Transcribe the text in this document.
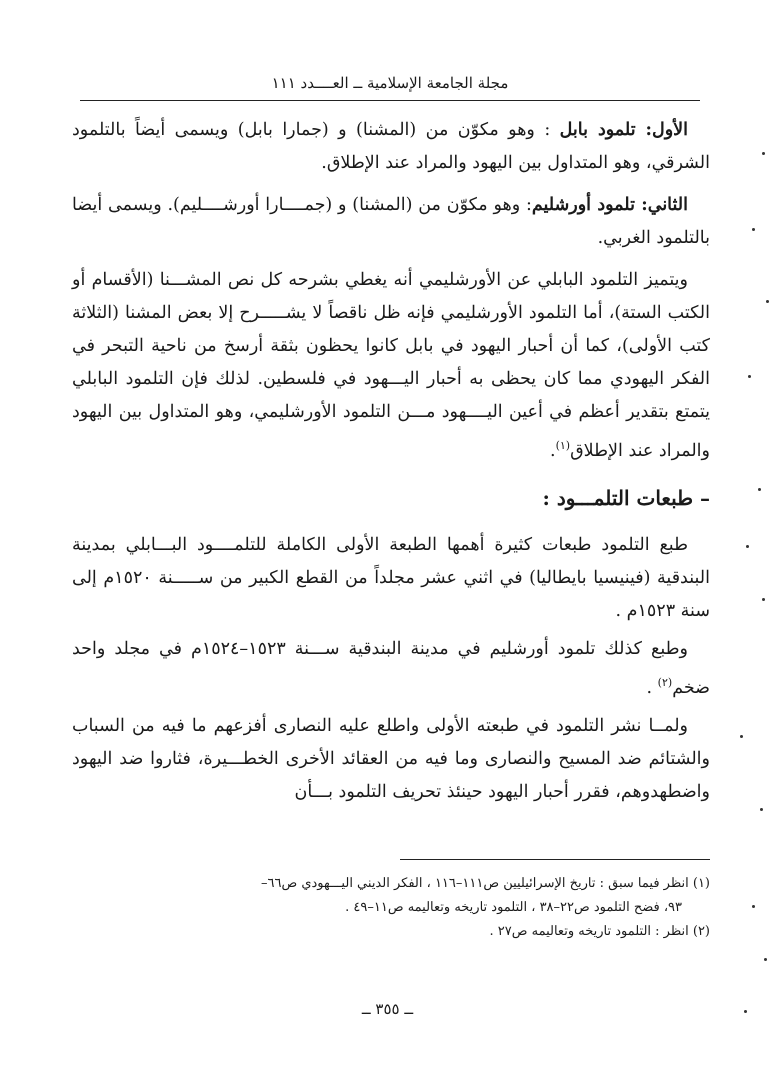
مجلة الجامعة الإسلامية ــ العــــدد ١١١

الأول: تلمود بابل : وهو مكوّن من (المشنا) و (جمارا بابل) ويسمى أيضاً بالتلمود الشرقي، وهو المتداول بين اليهود والمراد عند الإطلاق.

الثاني: تلمود أورشليم: وهو مكوّن من (المشنا) و (جمــــارا أورشــــليم). ويسمى أيضا بالتلمود الغربي.

ويتميز التلمود البابلي عن الأورشليمي أنه يغطي بشرحه كل نص المشـــنا (الأقسام أو الكتب الستة)، أما التلمود الأورشليمي فإنه ظل ناقصاً لا يشـــــرح إلا بعض المشنا (الثلاثة كتب الأولى)، كما أن أحبار اليهود في بابل كانوا يحظون بثقة أرسخ من ناحية التبحر في الفكر اليهودي مما كان يحظى به أحبار اليـــهود في فلسطين. لذلك فإن التلمود البابلي يتمتع بتقدير أعظم في أعين اليــــهود مـــن التلمود الأورشليمي، وهو المتداول بين اليهود والمراد عند الإطلاق$^{(١)}$.

– طبعات التلمـــود :

طبع التلمود طبعات كثيرة أهمها الطبعة الأولى الكاملة للتلمــــود البـــابلي بمدينة البندقية (فينيسيا بايطاليا) في اثني عشر مجلداً من القطع الكبير من ســـــنة ١٥٢٠م إلى سنة ١٥٢٣م .

وطبع كذلك تلمود أورشليم في مدينة البندقية ســـنة ١٥٢٣–١٥٢٤م في مجلد واحد ضخم$^{(٢)}$ .

ولمــا نشر التلمود في طبعته الأولى واطلع عليه النصارى أفزعهم ما فيه من السباب والشتائم ضد المسيح والنصارى وما فيه من العقائد الأخرى الخطـــيرة، فثاروا ضد اليهود واضطهدوهم، فقرر أحبار اليهود حينئذ تحريف التلمود بـــأن

(١) انظر فيما سبق : تاريخ الإسرائيليين ص١١١–١١٦ ، الفكر الديني اليـــهودي ص٦٦–

٩٣، فضح التلمود ص٢٢–٣٨ ، التلمود تاريخه وتعاليمه ص١١–٤٩ .

(٢) انظر : التلمود تاريخه وتعاليمه ص٢٧ .

ــ ٣٥٥ ــ
